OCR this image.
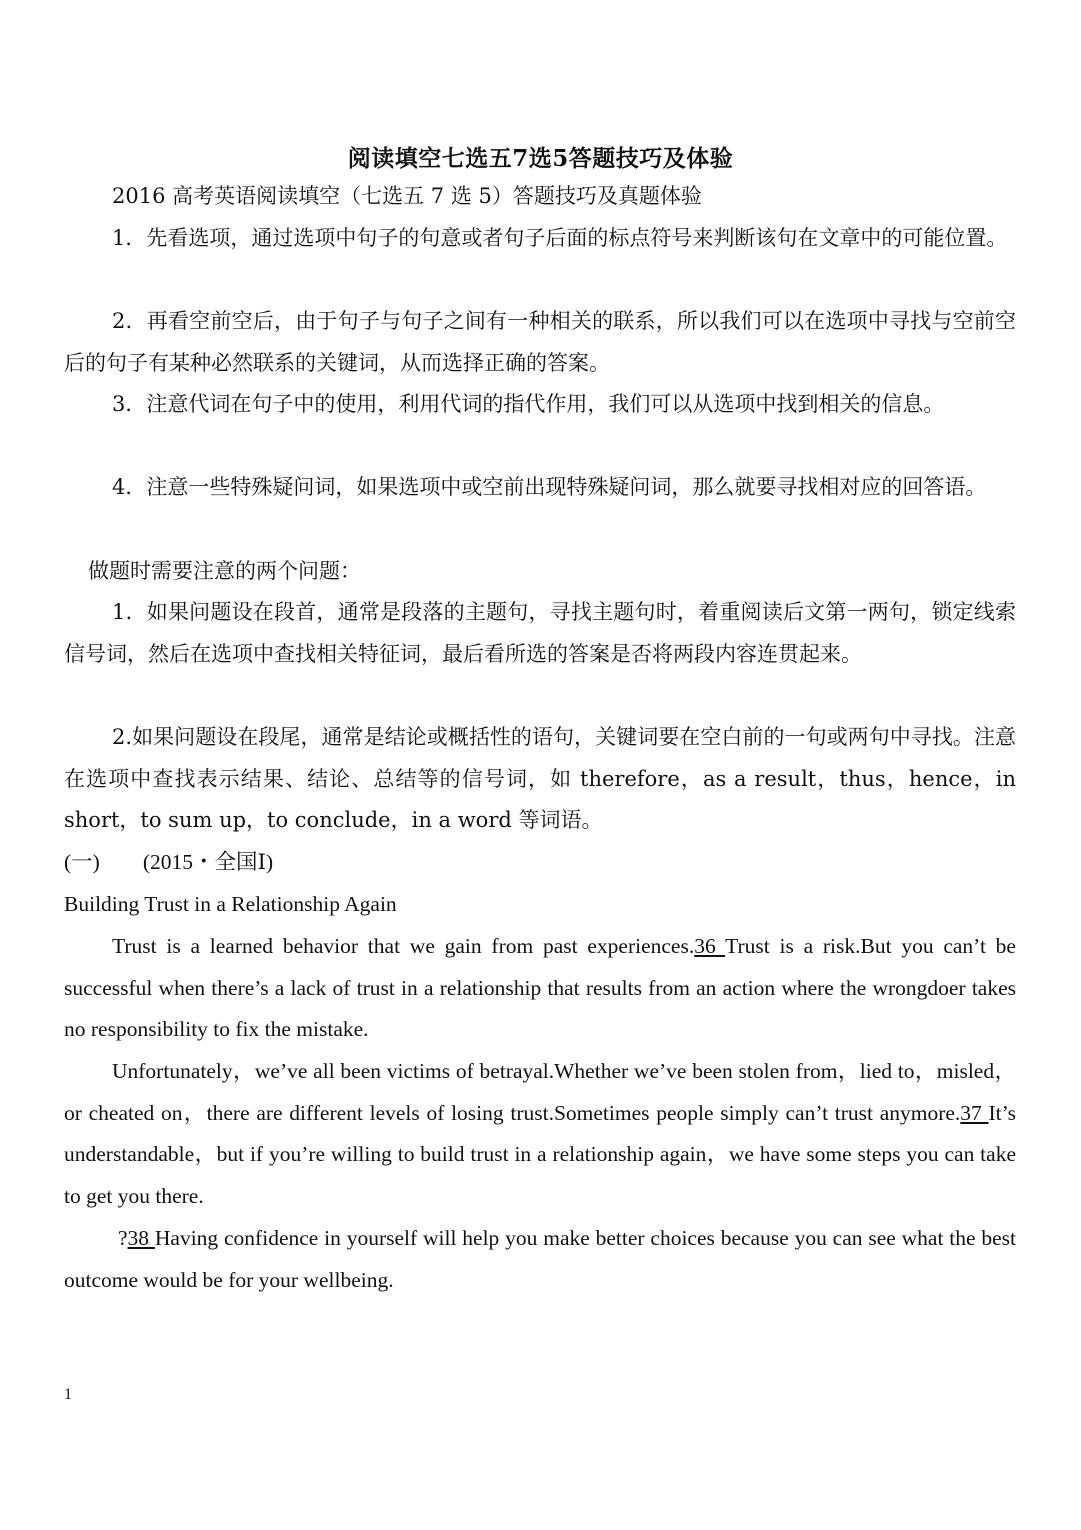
阅读填空七选五7选5答题技巧及体验

2016 高考英语阅读填空（七选五 7 选 5）答题技巧及真题体验

1．先看选项，通过选项中句子的句意或者句子后面的标点符号来判断该句在文章中的可能位置。

2．再看空前空后，由于句子与句子之间有一种相关的联系，所以我们可以在选项中寻找与空前空后的句子有某种必然联系的关键词，从而选择正确的答案。

3．注意代词在句子中的使用，利用代词的指代作用，我们可以从选项中找到相关的信息。

4．注意一些特殊疑问词，如果选项中或空前出现特殊疑问词，那么就要寻找相对应的回答语。

做题时需要注意的两个问题：

1．如果问题设在段首，通常是段落的主题句，寻找主题句时，着重阅读后文第一两句，锁定线索信号词，然后在选项中查找相关特征词，最后看所选的答案是否将两段内容连贯起来。

2.如果问题设在段尾，通常是结论或概括性的语句，关键词要在空白前的一句或两句中寻找。注意在选项中查找表示结果、结论、总结等的信号词，如 therefore，as a result，thus，hence，in short，to sum up，to conclude，in a word 等词语。

(一)　　(2015・全国Ⅰ)

Building Trust in a Relationship Again

Trust is a learned behavior that we gain from past experiences.36 Trust is a risk.But you can’t be successful when there’s a lack of trust in a relationship that results from an action where the wrongdoer takes no responsibility to fix the mistake.

Unfortunately，we’ve all been victims of betrayal.Whether we’ve been stolen from，lied to，misled，or cheated on，there are different levels of losing trust.Sometimes people simply can’t trust anymore.37 It’s understandable，but if you’re willing to build trust in a relationship again，we have some steps you can take to get you there.

?38 Having confidence in yourself will help you make better choices because you can see what the best outcome would be for your wellbeing.

1
